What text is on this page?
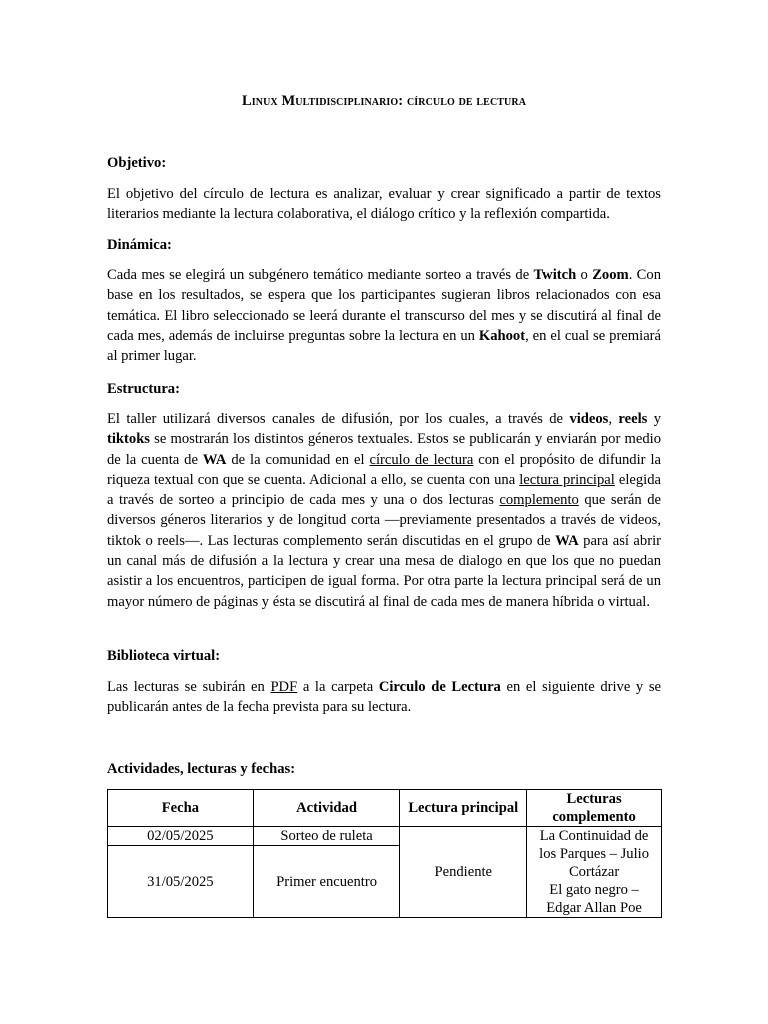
Linux Multidisciplinario: círculo de lectura
Objetivo:
El objetivo del círculo de lectura es analizar, evaluar y crear significado a partir de textos literarios mediante la lectura colaborativa, el diálogo crítico y la reflexión compartida.
Dinámica:
Cada mes se elegirá un subgénero temático mediante sorteo a través de Twitch o Zoom. Con base en los resultados, se espera que los participantes sugieran libros relacionados con esa temática. El libro seleccionado se leerá durante el transcurso del mes y se discutirá al final de cada mes, además de incluirse preguntas sobre la lectura en un Kahoot, en el cual se premiará al primer lugar.
Estructura:
El taller utilizará diversos canales de difusión, por los cuales, a través de videos, reels y tiktoks se mostrarán los distintos géneros textuales. Estos se publicarán y enviarán por medio de la cuenta de WA de la comunidad en el círculo de lectura con el propósito de difundir la riqueza textual con que se cuenta. Adicional a ello, se cuenta con una lectura principal elegida a través de sorteo a principio de cada mes y una o dos lecturas complemento que serán de diversos géneros literarios y de longitud corta —previamente presentados a través de videos, tiktok o reels—. Las lecturas complemento serán discutidas en el grupo de WA para así abrir un canal más de difusión a la lectura y crear una mesa de dialogo en que los que no puedan asistir a los encuentros, participen de igual forma. Por otra parte la lectura principal será de un mayor número de páginas y ésta se discutirá al final de cada mes de manera híbrida o virtual.
Biblioteca virtual:
Las lecturas se subirán en PDF a la carpeta Circulo de Lectura en el siguiente drive y se publicarán antes de la fecha prevista para su lectura.
Actividades, lecturas y fechas:
Fecha	Actividad	Lectura principal	Lecturas complemento
02/05/2025	Sorteo de ruleta	Pendiente	La Continuidad de los Parques – Julio Cortázar
El gato negro – Edgar Allan Poe

31/05/2025	Primer encuentro		
